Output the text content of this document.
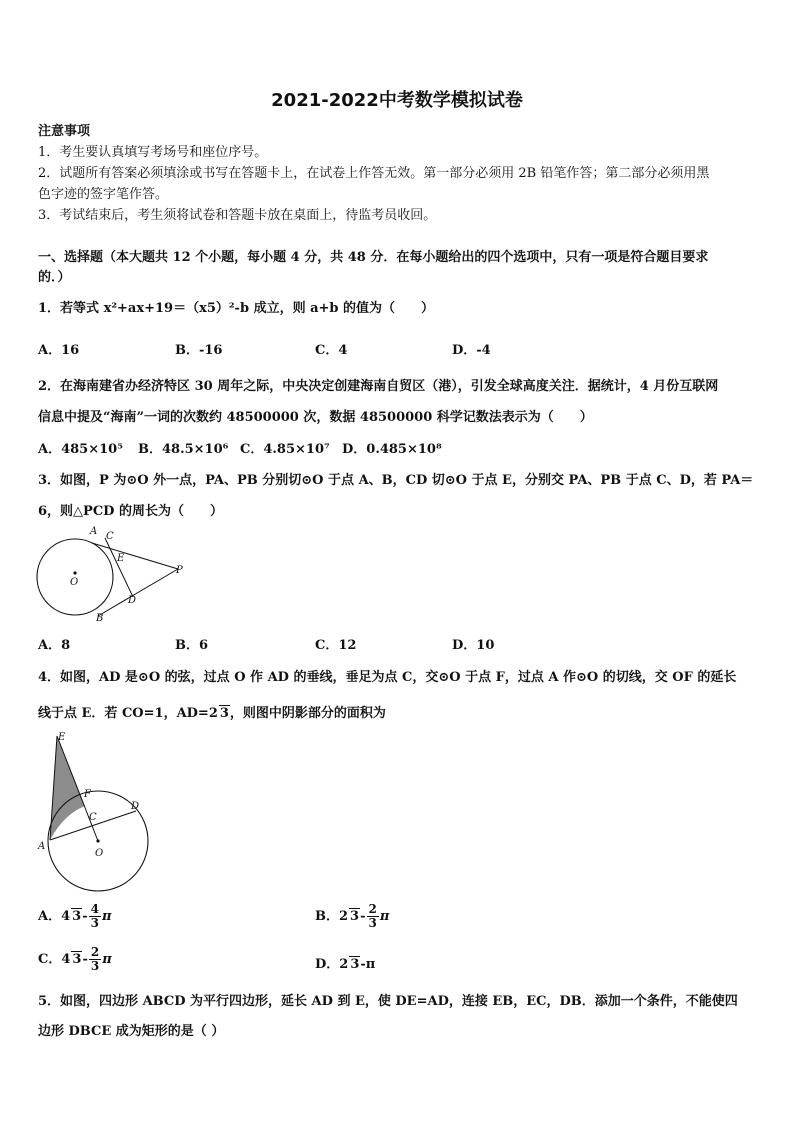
2021-2022中考数学模拟试卷
注意事项
1．考生要认真填写考场号和座位序号。
2．试题所有答案必须填涂或书写在答题卡上，在试卷上作答无效。第一部分必须用 2B 铅笔作答；第二部分必须用黑
色字迹的签字笔作答。
3．考试结束后，考生须将试卷和答题卡放在桌面上，待监考员收回。
一、选择题（本大题共 12 个小题，每小题 4 分，共 48 分．在每小题给出的四个选项中，只有一项是符合题目要求
的．）
1．若等式 x²+ax+19＝（x5）²-b 成立，则 a+b 的值为（　　）
A．16	B．-16	C．4	D．-4
2．在海南建省办经济特区 30 周年之际，中央决定创建海南自贸区（港），引发全球高度关注．据统计，4 月份互联网
信息中提及“海南”一词的次数约 48500000 次，数据 48500000 科学记数法表示为（　　）
A．485×10⁵ B．48.5×10⁶ C．4.85×10⁷ D．0.485×10⁸
3．如图，P 为⊙O 外一点，PA、PB 分别切⊙O 于点 A、B，CD 切⊙O 于点 E，分别交 PA、PB 于点 C、D，若 PA＝
6，则△PCD 的周长为（　　）
A C
E
P
O
D
B
A．8	B．6	C．12	D．10
4．如图，AD 是⊙O 的弦，过点 O 作 AD 的垂线，垂足为点 C，交⊙O 于点 F，过点 A 作⊙O 的切线，交 OF 的延长
线于点 E．若 CO=1，AD=2 3，则图中阴影部分的面积为
E
F
D
C
A
O
A．4 $3- \frac{4}{3}$ π	B．2 $3- \frac{2}{3}$ π
C．4 $3- \frac{2}{3}$ π	D．2 3-π
5．如图，四边形 ABCD 为平行四边形，延长 AD 到 E，使 DE=AD，连接 EB，EC，DB．添加一个条件，不能使四
边形 DBCE 成为矩形的是（ ）
